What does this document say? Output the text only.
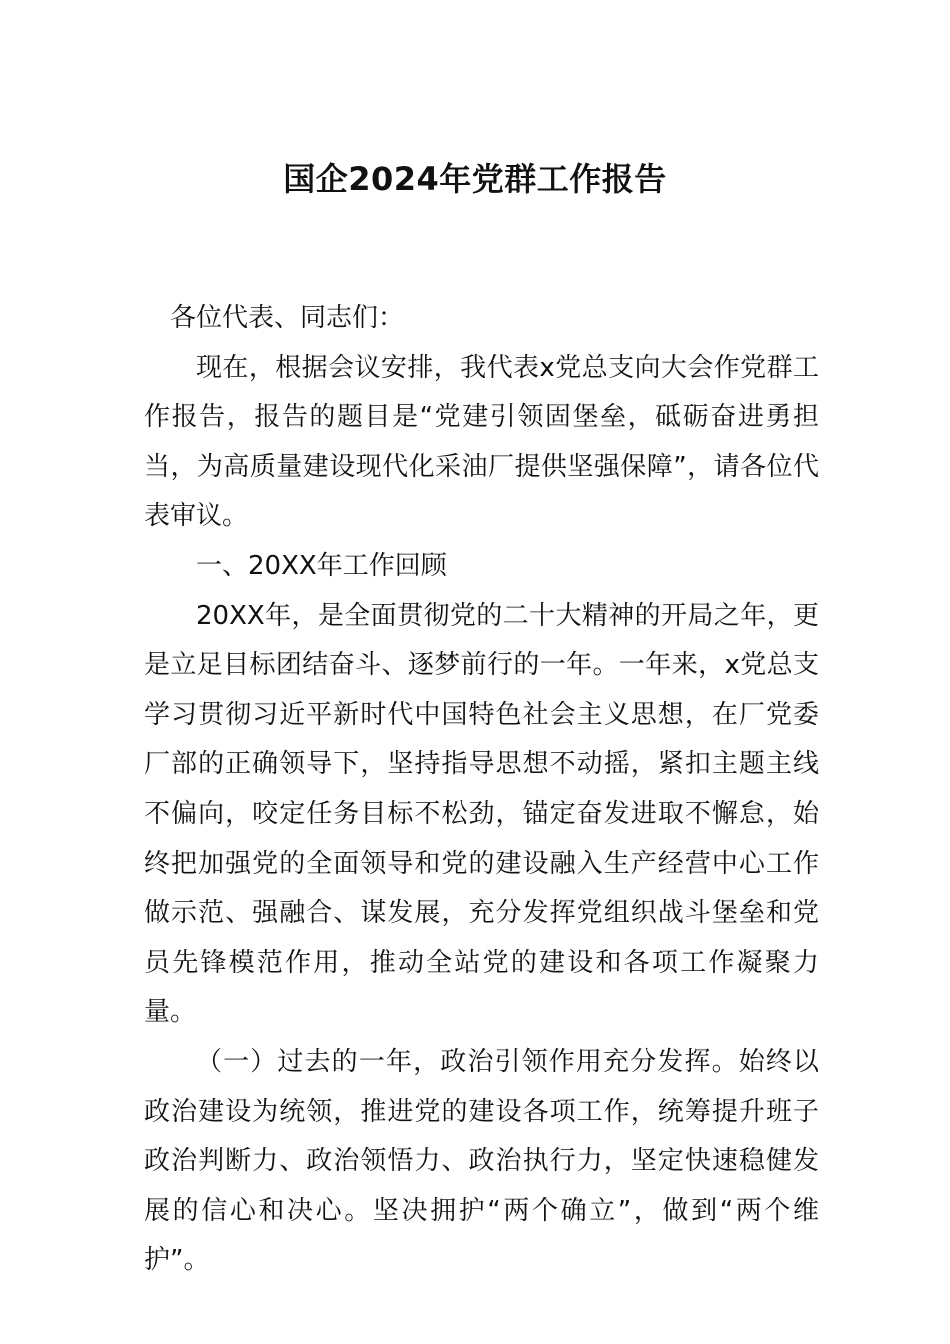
国企2024年党群工作报告

各位代表、同志们：

现在，根据会议安排，我代表x党总支向大会作党群工作报告，报告的题目是“党建引领固堡垒，砥砺奋进勇担当，为高质量建设现代化采油厂提供坚强保障”，请各位代表审议。

一、20XX年工作回顾

20XX年，是全面贯彻党的二十大精神的开局之年，更是立足目标团结奋斗、逐梦前行的一年。一年来，x党总支学习贯彻习近平新时代中国特色社会主义思想，在厂党委厂部的正确领导下，坚持指导思想不动摇，紧扣主题主线不偏向，咬定任务目标不松劲，锚定奋发进取不懈怠，始终把加强党的全面领导和党的建设融入生产经营中心工作做示范、强融合、谋发展，充分发挥党组织战斗堡垒和党员先锋模范作用，推动全站党的建设和各项工作凝聚力量。

（一）过去的一年，政治引领作用充分发挥。始终以政治建设为统领，推进党的建设各项工作，统筹提升班子政治判断力、政治领悟力、政治执行力，坚定快速稳健发展的信心和决心。坚决拥护“两个确立”，做到“两个维护”。
